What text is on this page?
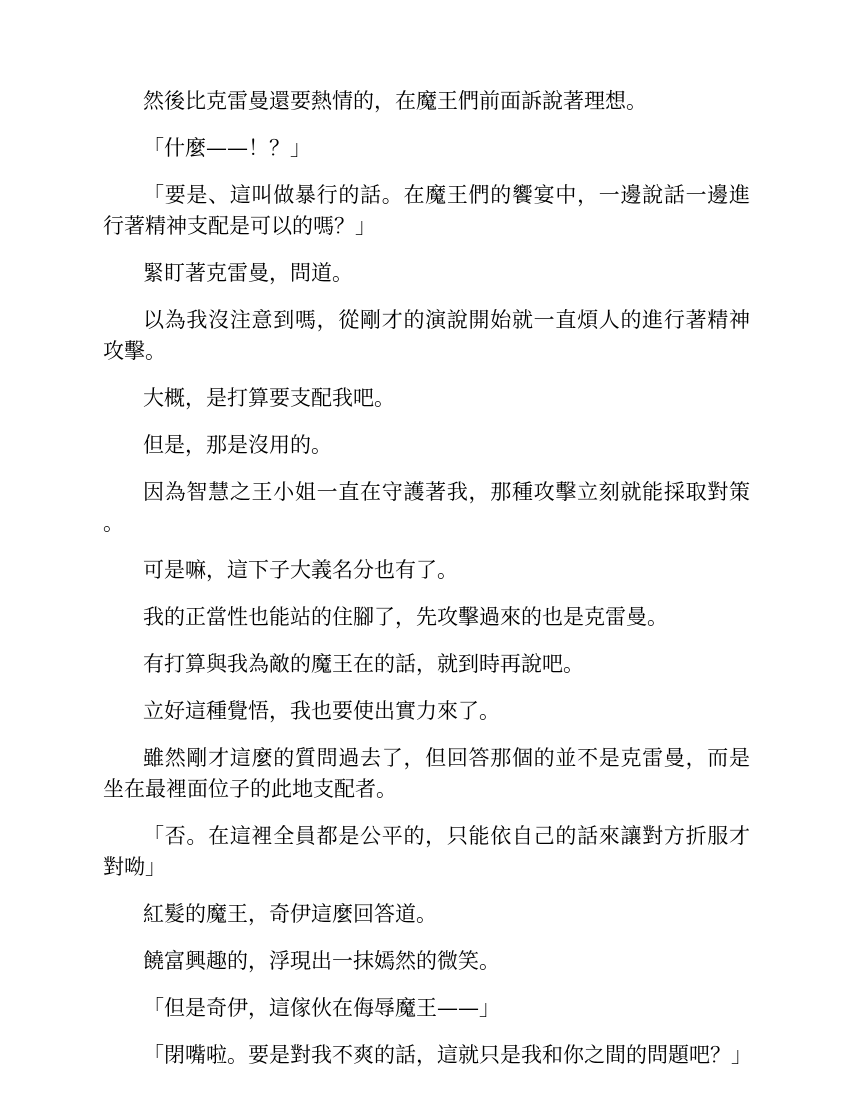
然後比克雷曼還要熱情的，在魔王們前面訴說著理想。

「什麼——！？」

「要是、這叫做暴行的話。在魔王們的饗宴中，一邊說話一邊進行著精神支配是可以的嗎？」

緊盯著克雷曼，問道。

以為我沒注意到嗎，從剛才的演說開始就一直煩人的進行著精神攻擊。

大概，是打算要支配我吧。

但是，那是沒用的。

因為智慧之王小姐一直在守護著我，那種攻擊立刻就能採取對策。

可是嘛，這下子大義名分也有了。

我的正當性也能站的住腳了，先攻擊過來的也是克雷曼。

有打算與我為敵的魔王在的話，就到時再說吧。

立好這種覺悟，我也要使出實力來了。

雖然剛才這麼的質問過去了，但回答那個的並不是克雷曼，而是坐在最裡面位子的此地支配者。

「否。在這裡全員都是公平的，只能依自己的話來讓對方折服才對呦」

紅髮的魔王，奇伊這麼回答道。

饒富興趣的，浮現出一抹嫣然的微笑。

「但是奇伊，這傢伙在侮辱魔王——」

「閉嘴啦。要是對我不爽的話，這就只是我和你之間的問題吧？」
